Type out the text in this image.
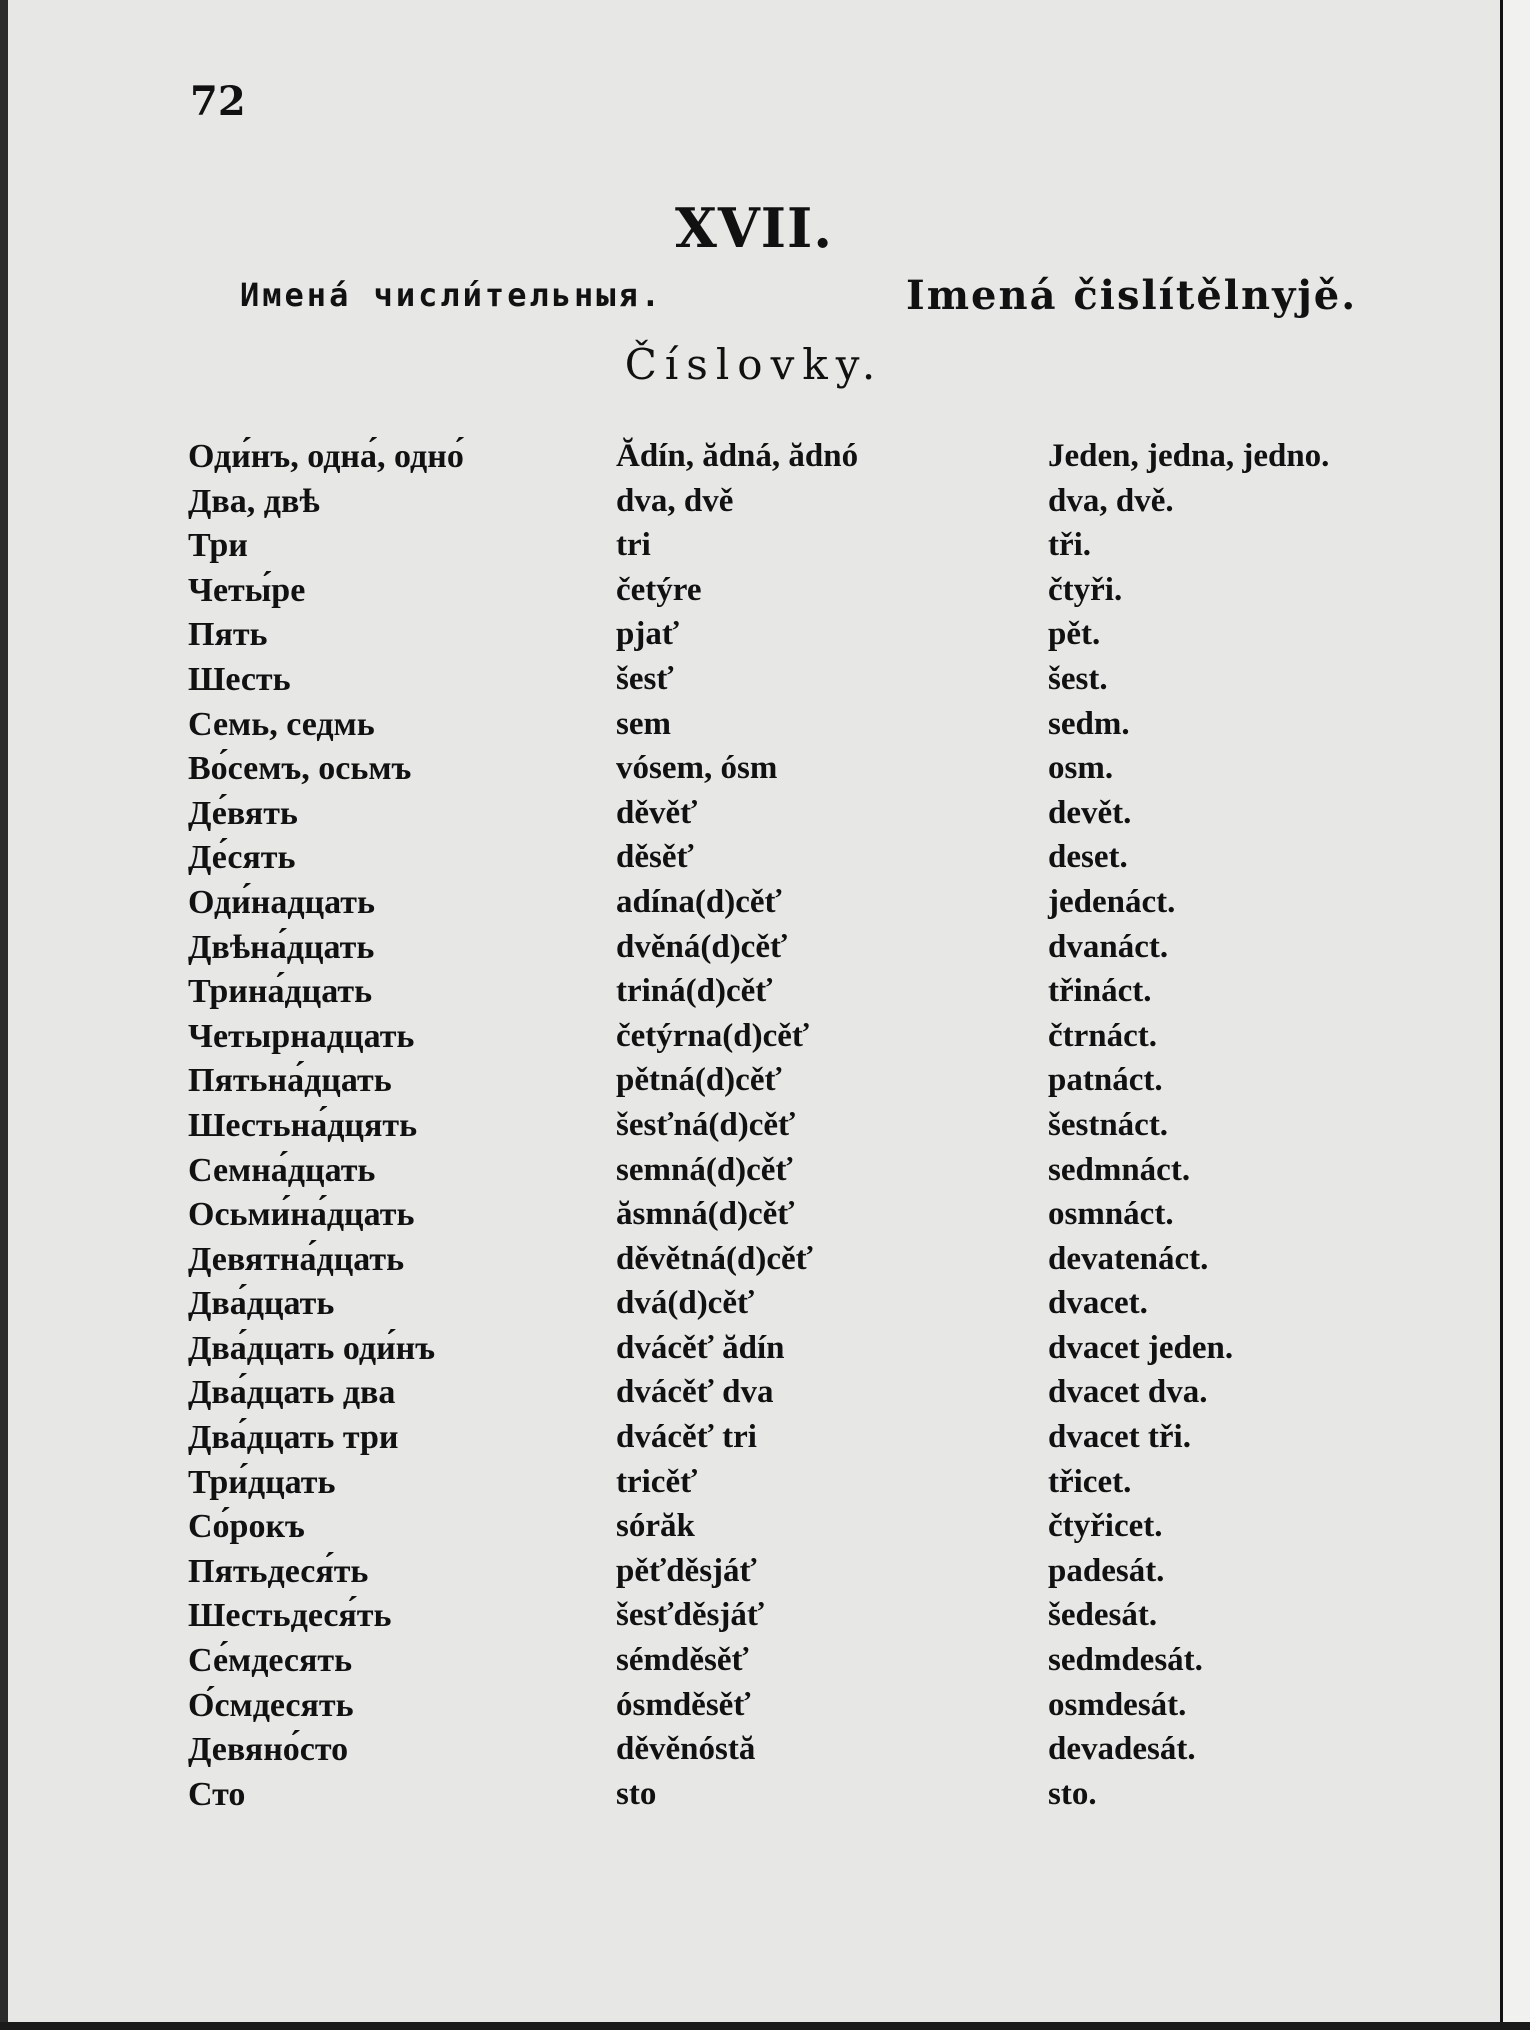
72
XVII.
Именá числи́тельныя.	Imená čislítělnyjě.
Číslovky.
Оди́нъ, одна́, одно́	Ădín, ădná, ădnó	Jeden, jedna, jedno.
Два, двѣ	dva, dvě	dva, dvě.
Три	tri	tři.
Четы́ре	četýre	čtyři.
Пять	pjať	pět.
Шесть	šesť	šest.
Семь, седмь	sem	sedm.
Во́семъ, осьмъ	vósem, ósm	osm.
Де́вять	děvěť	devět.
Де́сять	děsěť	deset.
Оди́надцать	adína(d)cěť	jedenáct.
Двѣна́дцать	dvěná(d)cěť	dvanáct.
Трина́дцать	triná(d)cěť	třináct.
Четырнадцать	četýrna(d)cěť	čtrnáct.
Пятьна́дцать	pětná(d)cěť	patnáct.
Шестьна́дцять	šesťná(d)cěť	šestnáct.
Семна́дцать	semná(d)cěť	sedmnáct.
Осьми́на́дцать	ăsmná(d)cěť	osmnáct.
Девятна́дцать	děvětná(d)cěť	devatenáct.
Два́дцать	dvá(d)cěť	dvacet.
Два́дцать оди́нъ	dvácěť ădín	dvacet jeden.
Два́дцать два	dvácěť dva	dvacet dva.
Два́дцать три	dvácěť tri	dvacet tři.
Три́дцать	tricěť	třicet.
Со́рокъ	sórăk	čtyřicet.
Пятьдеся́ть	pěťděsjáť	padesát.
Шестьдеся́ть	šesťděsjáť	šedesát.
Се́мдесять	sémděsěť	sedmdesát.
О́смдесять	ósmděsěť	osmdesát.
Девяно́сто	děvěnóstă	devadesát.
Сто	sto	sto.
